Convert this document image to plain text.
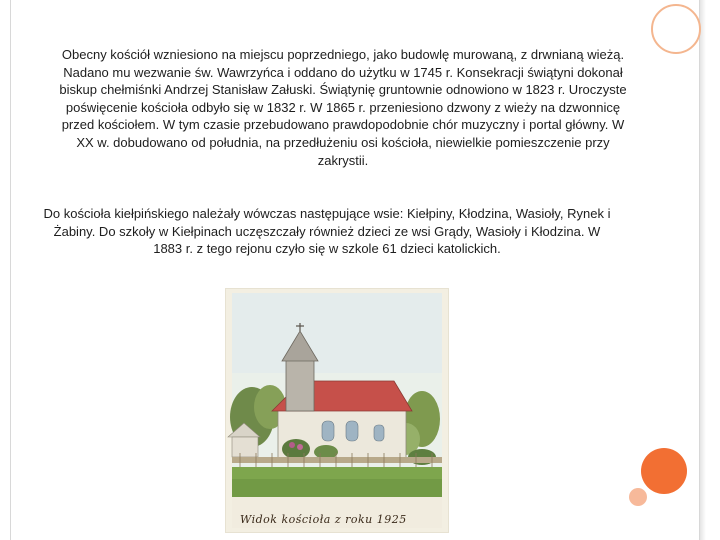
Obecny kościół wzniesiono na miejscu poprzedniego, jako budowlę murowaną, z drwnianą wieżą. Nadano mu wezwanie św. Wawrzyńca i oddano do użytku w 1745 r. Konsekracji świątyni dokonał biskup chełmiśnki Andrzej Stanisław Załuski. Świątynię gruntownie odnowiono w 1823 r. Uroczyste poświęcenie kościoła odbyło się w 1832 r. W 1865 r. przeniesiono dzwony z wieży na dzwonnicę przed kościołem. W tym czasie przebudowano prawdopodobnie chór muzyczny i portal główny. W XX w. dobudowano od południa, na przedłużeniu osi kościoła, niewielkie pomieszczenie przy zakrystii.

Do kościoła kiełpińskiego należały wówczas następujące wsie: Kiełpiny, Kłodzina, Wasioły, Rynek i Żabiny. Do szkoły w Kiełpinach uczęszczały również dzieci ze wsi Grądy, Wasioły i Kłodzina. W 1883 r. z tego rejonu czyło się w szkole 61 dzieci katolickich.

Widok kościoła z roku 1925
